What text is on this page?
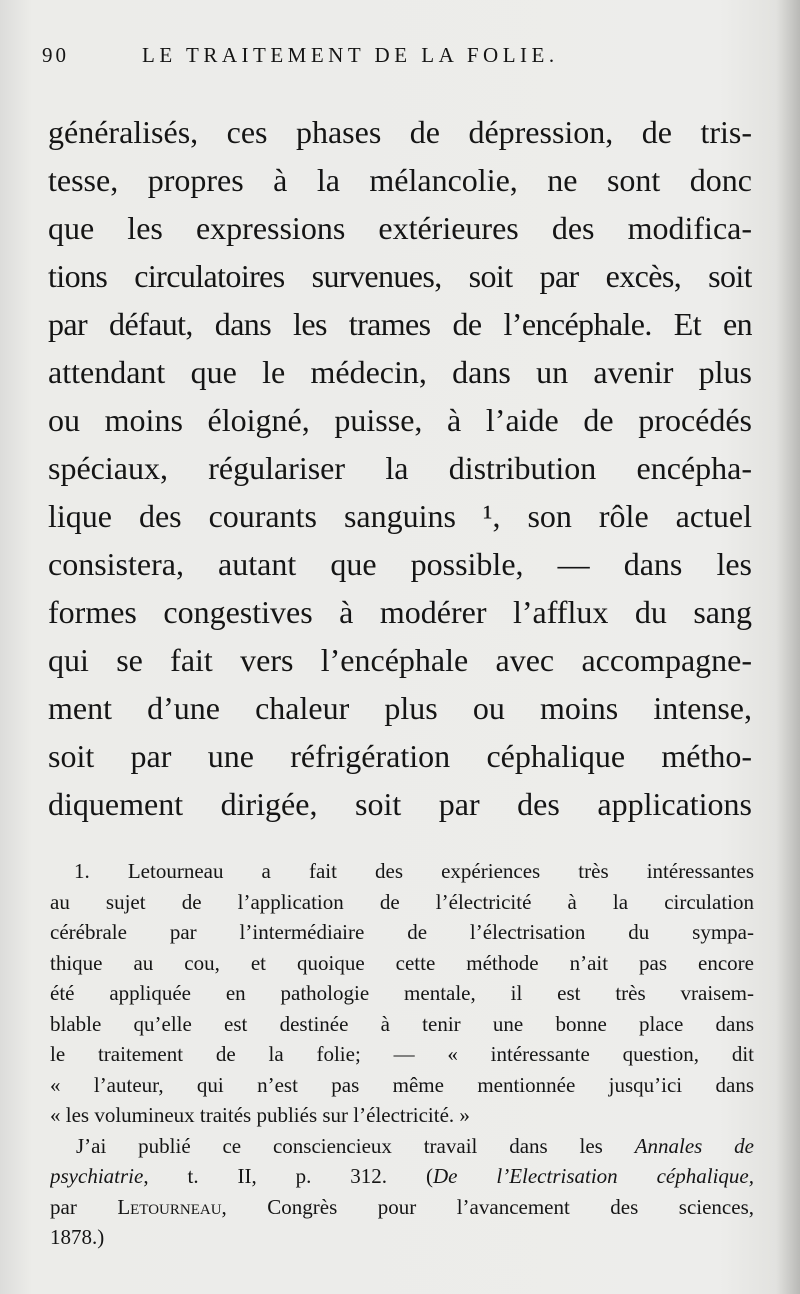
90	LE TRAITEMENT DE LA FOLIE.
généralisés, ces phases de dépression, de tris-
tesse, propres à la mélancolie, ne sont donc
que les expressions extérieures des modifica-
tions circulatoires survenues, soit par excès, soit
par défaut, dans les trames de l’encéphale. Et en
attendant que le médecin, dans un avenir plus
ou moins éloigné, puisse, à l’aide de procédés
spéciaux, régulariser la distribution encépha-
lique des courants sanguins ¹, son rôle actuel
consistera, autant que possible, — dans les
formes congestives à modérer l’afflux du sang
qui se fait vers l’encéphale avec accompagne-
ment d’une chaleur plus ou moins intense,
soit par une réfrigération céphalique métho-
diquement dirigée, soit par des applications
1. Letourneau a fait des expériences très intéressantes
au sujet de l’application de l’électricité à la circulation
cérébrale par l’intermédiaire de l’électrisation du sympa-
thique au cou, et quoique cette méthode n’ait pas encore
été appliquée en pathologie mentale, il est très vraisem-
blable qu’elle est destinée à tenir une bonne place dans
le traitement de la folie; — « intéressante question, dit
« l’auteur, qui n’est pas même mentionnée jusqu’ici dans
« les volumineux traités publiés sur l’électricité. »
J’ai publié ce consciencieux travail dans les Annales de
psychiatrie, t. II, p. 312. (De l’Electrisation céphalique,
par Letourneau, Congrès pour l’avancement des sciences,
1878.)
